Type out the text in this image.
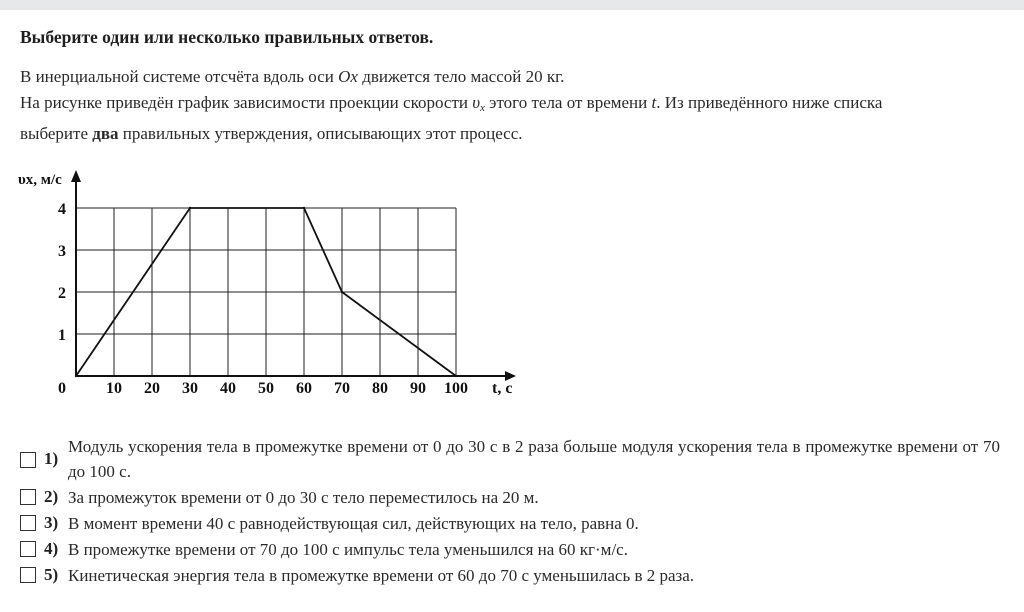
Выберите один или несколько правильных ответов.

В инерциальной системе отсчёта вдоль оси Ox движется тело массой 20 кг.

На рисунке приведён график зависимости проекции скорости $\upsilon_x$ этого тела от времени t. Из приведённого ниже списка

выберите два правильных утверждения, описывающих этот процесс.

υx, м/с
t, с
0	10 20 30 40 50 60 70 80 90 100
1
2
3
4
1)
Модуль ускорения тела в промежутке времени от 0 до 30 с в 2 раза больше модуля ускорения тела в промежутке времени от 70 до 100 с.
2) За промежуток времени от 0 до 30 с тело переместилось на 20 м.
3) В момент времени 40 с равнодействующая сил, действующих на тело, равна 0.
4) В промежутке времени от 70 до 100 с импульс тела уменьшился на 60 кг·м/с.
5) Кинетическая энергия тела в промежутке времени от 60 до 70 с уменьшилась в 2 раза.
